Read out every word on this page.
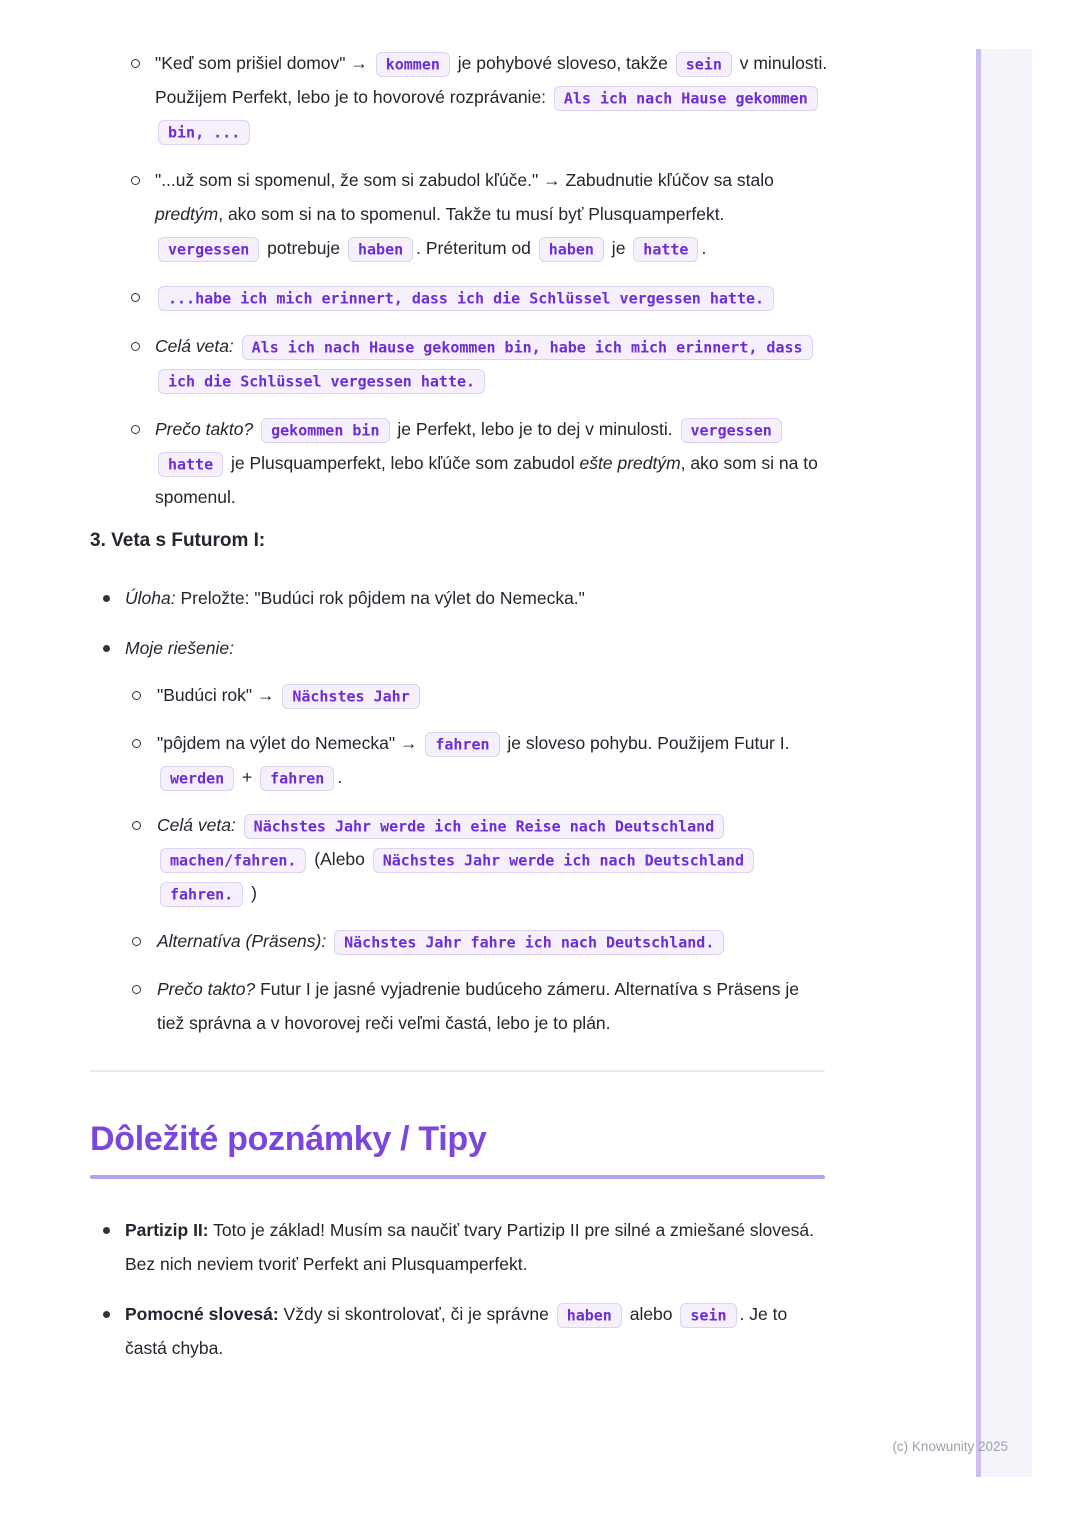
"Keď som prišiel domov" → kommen je pohybové sloveso, takže sein v minulosti. Použijem Perfekt, lebo je to hovorové rozprávanie: Als ich nach Hause gekommen bin, ...
"...už som si spomenul, že som si zabudol kľúče." → Zabudnutie kľúčov sa stalo predtým, ako som si na to spomenul. Takže tu musí byť Plusquamperfekt. vergessen potrebuje haben . Préteritum od haben je hatte .
...habe ich mich erinnert, dass ich die Schlüssel vergessen hatte.
Celá veta: Als ich nach Hause gekommen bin, habe ich mich erinnert, dass ich die Schlüssel vergessen hatte.
Prečo takto? gekommen bin je Perfekt, lebo je to dej v minulosti. vergessen hatte je Plusquamperfekt, lebo kľúče som zabudol ešte predtým, ako som si na to spomenul.
3. Veta s Futurom I:
Úloha: Preložte: "Budúci rok pôjdem na výlet do Nemecka."
Moje riešenie:
"Budúci rok" → Nächstes Jahr
"pôjdem na výlet do Nemecka" → fahren je sloveso pohybu. Použijem Futur I. werden + fahren .
Celá veta: Nächstes Jahr werde ich eine Reise nach Deutschland machen/fahren. (Alebo Nächstes Jahr werde ich nach Deutschland fahren. )
Alternatíva (Präsens): Nächstes Jahr fahre ich nach Deutschland.
Prečo takto? Futur I je jasné vyjadrenie budúceho zámeru. Alternatíva s Präsens je tiež správna a v hovorovej reči veľmi častá, lebo je to plán.
Dôležité poznámky / Tipy
Partizip II: Toto je základ! Musím sa naučiť tvary Partizip II pre silné a zmiešané slovesá. Bez nich neviem tvoriť Perfekt ani Plusquamperfekt.
Pomocné slovesá: Vždy si skontrolovať, či je správne haben alebo sein . Je to častá chyba.
(c) Knowunity 2025
